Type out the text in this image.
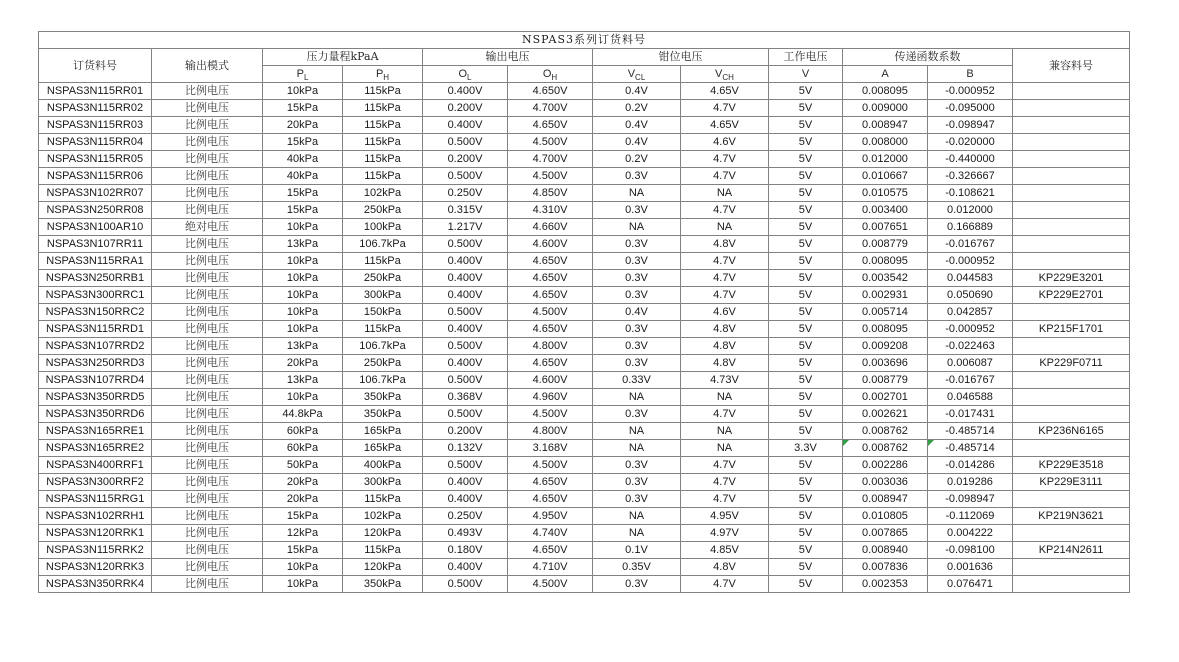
NSPAS3系列订货料号											
订货料号	输出模式	压力量程kPaA		输出电压		钳位电压		工作电压	传递函数系数		兼容料号
		$P_L$	$P_H$	$O_L$	$O_H$	$V_{CL}$	$V_{CH}$	V	A	B	
NSPAS3N115RR01	比例电压	10kPa	115kPa	0.400V	4.650V	0.4V	4.65V	5V	0.008095	-0.000952	
NSPAS3N115RR02	比例电压	15kPa	115kPa	0.200V	4.700V	0.2V	4.7V	5V	0.009000	-0.095000	
NSPAS3N115RR03	比例电压	20kPa	115kPa	0.400V	4.650V	0.4V	4.65V	5V	0.008947	-0.098947	
NSPAS3N115RR04	比例电压	15kPa	115kPa	0.500V	4.500V	0.4V	4.6V	5V	0.008000	-0.020000	
NSPAS3N115RR05	比例电压	40kPa	115kPa	0.200V	4.700V	0.2V	4.7V	5V	0.012000	-0.440000	
NSPAS3N115RR06	比例电压	40kPa	115kPa	0.500V	4.500V	0.3V	4.7V	5V	0.010667	-0.326667	
NSPAS3N102RR07	比例电压	15kPa	102kPa	0.250V	4.850V	NA	NA	5V	0.010575	-0.108621	
NSPAS3N250RR08	比例电压	15kPa	250kPa	0.315V	4.310V	0.3V	4.7V	5V	0.003400	0.012000	
NSPAS3N100AR10	绝对电压	10kPa	100kPa	1.217V	4.660V	NA	NA	5V	0.007651	0.166889	
NSPAS3N107RR11	比例电压	13kPa	106.7kPa	0.500V	4.600V	0.3V	4.8V	5V	0.008779	-0.016767	
NSPAS3N115RRA1	比例电压	10kPa	115kPa	0.400V	4.650V	0.3V	4.7V	5V	0.008095	-0.000952	
NSPAS3N250RRB1	比例电压	10kPa	250kPa	0.400V	4.650V	0.3V	4.7V	5V	0.003542	0.044583	KP229E3201
NSPAS3N300RRC1	比例电压	10kPa	300kPa	0.400V	4.650V	0.3V	4.7V	5V	0.002931	0.050690	KP229E2701
NSPAS3N150RRC2	比例电压	10kPa	150kPa	0.500V	4.500V	0.4V	4.6V	5V	0.005714	0.042857	
NSPAS3N115RRD1	比例电压	10kPa	115kPa	0.400V	4.650V	0.3V	4.8V	5V	0.008095	-0.000952	KP215F1701
NSPAS3N107RRD2	比例电压	13kPa	106.7kPa	0.500V	4.800V	0.3V	4.8V	5V	0.009208	-0.022463	
NSPAS3N250RRD3	比例电压	20kPa	250kPa	0.400V	4.650V	0.3V	4.8V	5V	0.003696	0.006087	KP229F0711
NSPAS3N107RRD4	比例电压	13kPa	106.7kPa	0.500V	4.600V	0.33V	4.73V	5V	0.008779	-0.016767	
NSPAS3N350RRD5	比例电压	10kPa	350kPa	0.368V	4.960V	NA	NA	5V	0.002701	0.046588	
NSPAS3N350RRD6	比例电压	44.8kPa	350kPa	0.500V	4.500V	0.3V	4.7V	5V	0.002621	-0.017431	
NSPAS3N165RRE1	比例电压	60kPa	165kPa	0.200V	4.800V	NA	NA	5V	0.008762	-0.485714	KP236N6165
NSPAS3N165RRE2	比例电压	60kPa	165kPa	0.132V	3.168V	NA	NA	3.3V	0.008762	-0.485714

NSPAS3N400RRF1	比例电压	50kPa	400kPa	0.500V	4.500V	0.3V	4.7V	5V	0.002286	-0.014286	KP229E3518
NSPAS3N300RRF2	比例电压	20kPa	300kPa	0.400V	4.650V	0.3V	4.7V	5V	0.003036	0.019286	KP229E3111
NSPAS3N115RRG1	比例电压	20kPa	115kPa	0.400V	4.650V	0.3V	4.7V	5V	0.008947	-0.098947	
NSPAS3N102RRH1	比例电压	15kPa	102kPa	0.250V	4.950V	NA	4.95V	5V	0.010805	-0.112069	KP219N3621
NSPAS3N120RRK1	比例电压	12kPa	120kPa	0.493V	4.740V	NA	4.97V	5V	0.007865	0.004222	
NSPAS3N115RRK2	比例电压	15kPa	115kPa	0.180V	4.650V	0.1V	4.85V	5V	0.008940	-0.098100	KP214N2611
NSPAS3N120RRK3	比例电压	10kPa	120kPa	0.400V	4.710V	0.35V	4.8V	5V	0.007836	0.001636	
NSPAS3N350RRK4	比例电压	10kPa	350kPa	0.500V	4.500V	0.3V	4.7V	5V	0.002353	0.076471	
